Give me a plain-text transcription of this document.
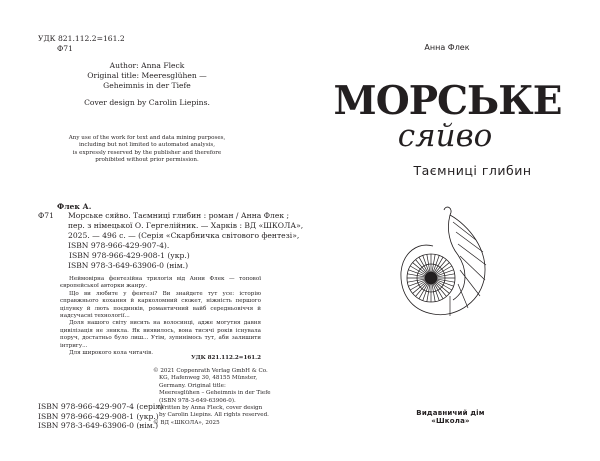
УДК 821.112.2=161.2
Ф71
Author: Anna Fleck
Original title: Meeresglühen —
Geheimnis in der Tiefe
Cover design by Carolin Liepins.
Any use of the work for text and data mining purposes,
including but not limited to automated analysis,
is expressly reserved by the publisher and therefore
prohibited without prior permission.
Флек А.
Ф71 Морське сяйво. Таємниці глибин : роман / Анна Флек ;
пер. з німецької О. Гергелійник. — Харків : ВД «ШКОЛА»,
2025. — 496 с. — (Серія «Скарбничка світового фентезі»,
ISBN 978-966-429-907-4).
ISBN 978-966-429-908-1 (укр.)
ISBN 978-3-649-63906-0 (нім.)

Неймовірна фентезійна трилогія від Анни Флек — топової європейської авторки жанру.

Що ви любите у фентезі? Ви знайдете тут усе: історію справжнього кохання й карколомний сюжет, ніжність першого цілунку й лють поєдинків, романтичний вайб середньовіччя й надсучасні технології...

Доля нашого світу висить на волосинці, адже могутня давня цивілізація не зникла. Як виявилось, вона тисячі років існувала поруч, достатньо було лиш... Утім, зупинімось тут, аби залишити інтригу...

Для широкого кола читачів.

УДК 821.112.2=161.2
ISBN 978-966-429-907-4 (серія)
ISBN 978-966-429-908-1 (укр.)
ISBN 978-3-649-63906-0 (нім.)
© 2021 Coppenrath Verlag GmbH & Co.
KG, Hafenweg 30, 48155 Münster,
Germany. Original title:
Meeresglühen – Geheimnis in der Tiefe
(ISBN 978-3-649-63906-0).
Written by Anna Fleck, cover design
by Carolin Liepins. All rights reserved.
© ВД «ШКОЛА», 2025
Анна Флек
МОРСЬКЕ
сяйво
Таємниці глибин
Видавничий дім «Школа»
